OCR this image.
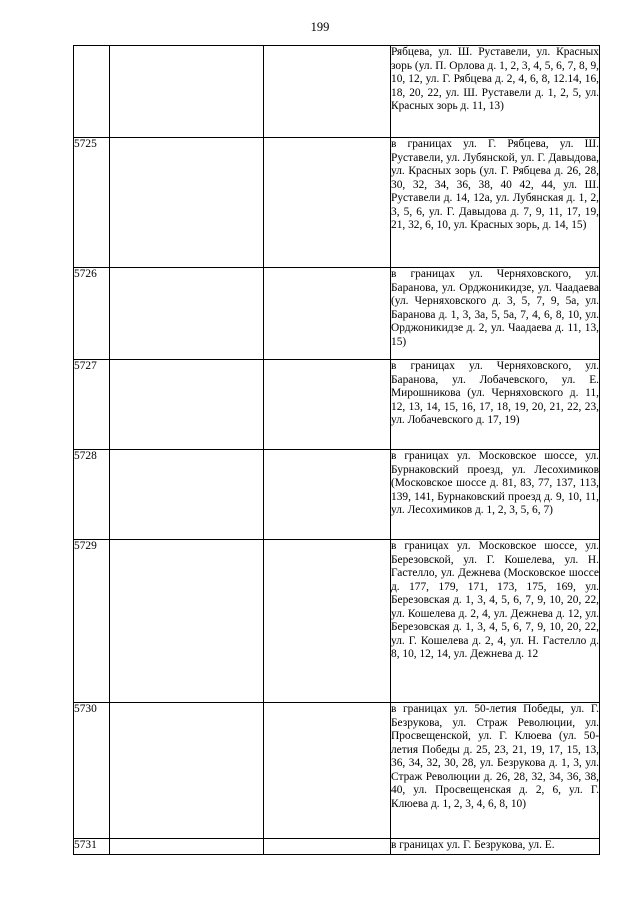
199

			Рябцева, ул. Ш. Руставели, ул. Красных зорь (ул. П. Орлова д. 1, 2, 3, 4, 5, 6, 7, 8, 9, 10, 12, ул. Г. Рябцева д. 2, 4, 6, 8, 12.14, 16, 18, 20, 22, ул. Ш. Руставели д. 1, 2, 5, ул. Красных зорь д. 11, 13)

5725			в границах ул. Г. Рябцева, ул. Ш. Руставели, ул. Лубянской, ул. Г. Давыдова, ул. Красных зорь (ул. Г. Рябцева д. 26, 28, 30, 32, 34, 36, 38, 40 42, 44, ул. Ш. Руставели д. 14, 12а, ул. Лубянская д. 1, 2, 3, 5, 6, ул. Г. Давыдова д. 7, 9, 11, 17, 19, 21, 32, 6, 10, ул. Красных зорь, д. 14, 15)

5726			в границах ул. Черняховского, ул. Баранова, ул. Орджоникидзе, ул. Чаадаева (ул. Черняховского д. 3, 5, 7, 9, 5а, ул. Баранова д. 1, 3, 3а, 5, 5а, 7, 4, 6, 8, 10, ул. Орджоникидзе д. 2, ул. Чаадаева д. 11, 13, 15)

5727			в границах ул. Черняховского, ул. Баранова, ул. Лобачевского, ул. Е. Мирошникова (ул. Черняховского д. 11, 12, 13, 14, 15, 16, 17, 18, 19, 20, 21, 22, 23, ул. Лобачевского д. 17, 19)

5728			в границах ул. Московское шоссе, ул. Бурнаковский проезд, ул. Лесохимиков (Московское шоссе д. 81, 83, 77, 137, 113, 139, 141, Бурнаковский проезд д. 9, 10, 11, ул. Лесохимиков д. 1, 2, 3, 5, 6, 7)

5729			в границах ул. Московское шоссе, ул. Березовской, ул. Г. Кошелева, ул. Н. Гастелло, ул. Дежнева (Московское шоссе д. 177, 179, 171, 173, 175, 169, ул. Березовская д. 1, 3, 4, 5, 6, 7, 9, 10, 20, 22, ул. Кошелева д. 2, 4, ул. Дежнева д. 12, ул. Березовская д. 1, 3, 4, 5, 6, 7, 9, 10, 20, 22, ул. Г. Кошелева д. 2, 4, ул. Н. Гастелло д. 8, 10, 12, 14, ул. Дежнева д. 12

5730			в границах ул. 50-летия Победы, ул. Г. Безрукова, ул. Страж Революции, ул. Просвещенской, ул. Г. Клюева (ул. 50-летия Победы д. 25, 23, 21, 19, 17, 15, 13, 36, 34, 32, 30, 28, ул. Безрукова д. 1, 3, ул. Страж Революции д. 26, 28, 32, 34, 36, 38, 40, ул. Просвещенская д. 2, 6, ул. Г. Клюева д. 1, 2, 3, 4, 6, 8, 10)

5731			в границах ул. Г. Безрукова, ул. Е.
